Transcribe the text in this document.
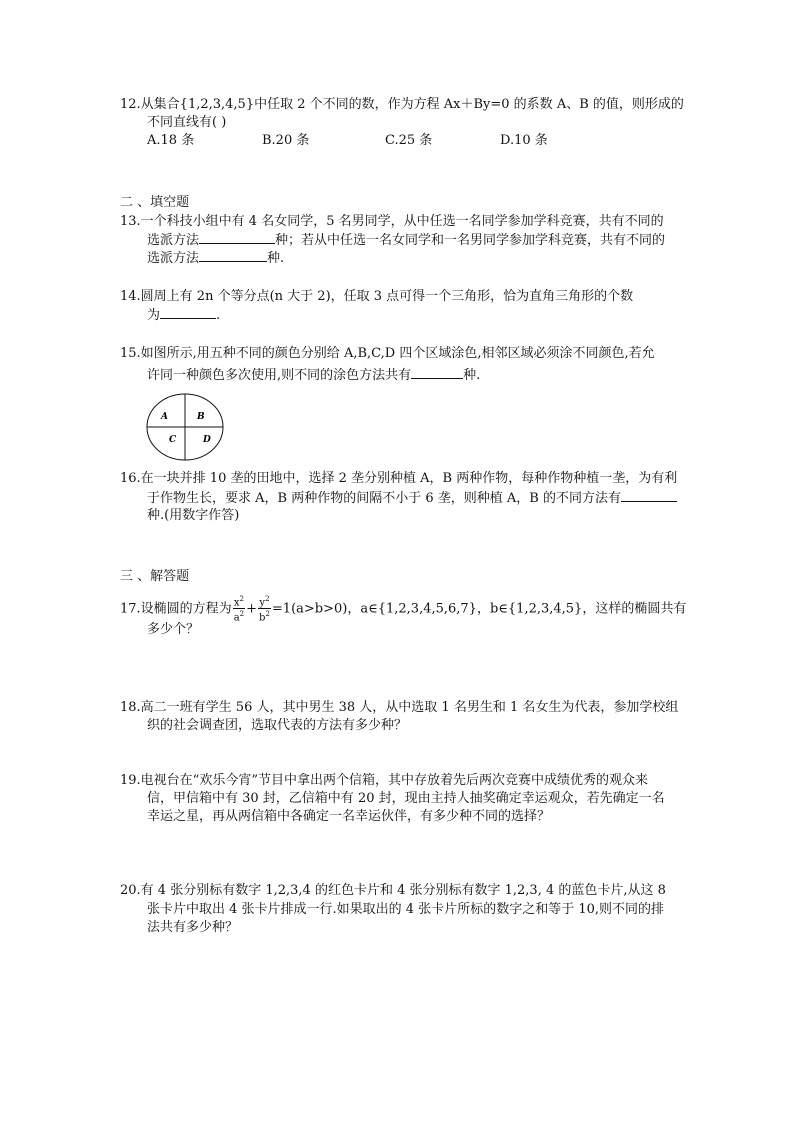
12.从集合{1,2,3,4,5}中任取 2 个不同的数，作为方程 Ax＋By=0 的系数 A、B 的值，则形成的
不同直线有( )
A.18 条	B.20 条	C.25 条	D.10 条
二 、填空题
13.一个科技小组中有 4 名女同学，5 名男同学，从中任选一名同学参加学科竞赛，共有不同的
选派方法	种；若从中任选一名女同学和一名男同学参加学科竞赛，共有不同的
选派方法	种.
14.圆周上有 2n 个等分点(n 大于 2)，任取 3 点可得一个三角形，恰为直角三角形的个数
为	.
15.如图所示,用五种不同的颜色分别给 A,B,C,D 四个区域涂色,相邻区域必须涂不同颜色,若允
许同一种颜色多次使用,则不同的涂色方法共有	种.
A	B
C	D
16.在一块并排 10 垄的田地中，选择 2 垄分别种植 A，B 两种作物，每种作物种植一垄，为有利
于作物生长，要求 A，B 两种作物的间隔不小于 6 垄，则种植 A，B 的不同方法有
种.(用数字作答)
三 、解答题
17.设椭圆的方程为 $\frac{x^2}{a^2} + \frac{y^2}{b^2} =1(a>b>0)$，a∈{1,2,3,4,5,6,7}，b∈{1,2,3,4,5}，这样的椭圆共有
多少个？
18.高二一班有学生 56 人，其中男生 38 人，从中选取 1 名男生和 1 名女生为代表，参加学校组
织的社会调查团，选取代表的方法有多少种？
19.电视台在“欢乐今宵”节目中拿出两个信箱，其中存放着先后两次竞赛中成绩优秀的观众来
信，甲信箱中有 30 封，乙信箱中有 20 封，现由主持人抽奖确定幸运观众，若先确定一名
幸运之星，再从两信箱中各确定一名幸运伙伴，有多少种不同的选择？
20.有 4 张分别标有数字 1,2,3,4 的红色卡片和 4 张分别标有数字 1,2,3, 4 的蓝色卡片,从这 8
张卡片中取出 4 张卡片排成一行.如果取出的 4 张卡片所标的数字之和等于 10,则不同的排
法共有多少种？
